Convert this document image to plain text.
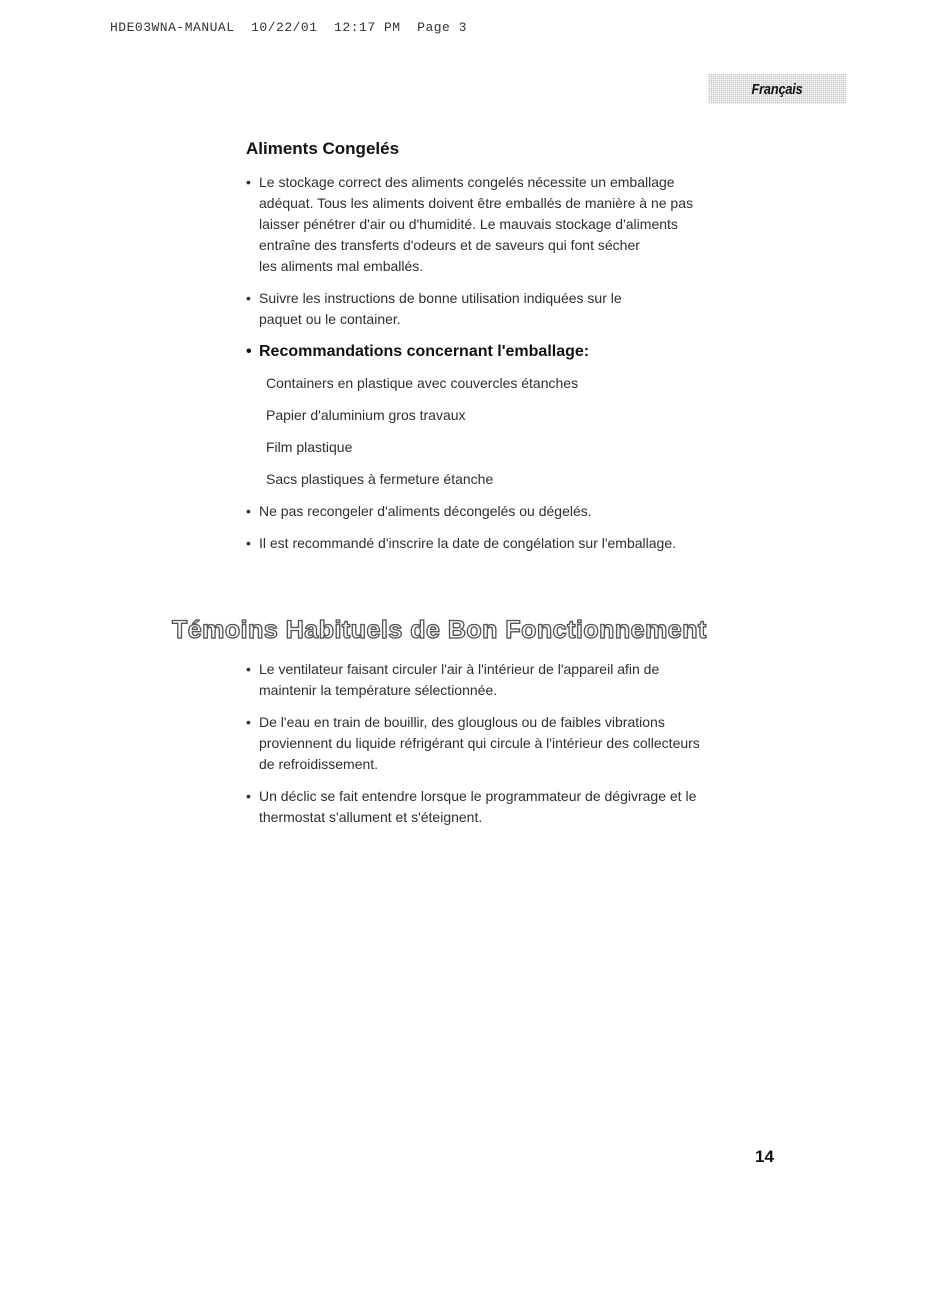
HDE03WNA-MANUAL  10/22/01  12:17 PM  Page 3
Français
Aliments Congelés
• Le stockage correct des aliments congelés nécessite un emballage
adéquat. Tous les aliments doivent être emballés de manière à ne pas
laisser pénétrer d'air ou d'humidité. Le mauvais stockage d'aliments
entraîne des transferts d'odeurs et de saveurs qui font sécher
les aliments mal emballés.
• Suivre les instructions de bonne utilisation indiquées sur le
paquet ou le container.
• Recommandations concernant l'emballage:
Containers en plastique avec couvercles étanches
Papier d'aluminium gros travaux
Film plastique
Sacs plastiques à fermeture étanche
• Ne pas recongeler d'aliments décongelés ou dégelés.
• Il est recommandé d'inscrire la date de congélation sur l'emballage.
Témoins Habituels de Bon Fonctionnement
• Le ventilateur faisant circuler l'air à l'intérieur de l'appareil afin de
maintenir la température sélectionnée.
• De l'eau en train de bouillir, des glouglous ou de faibles vibrations
proviennent du liquide réfrigérant qui circule à l'intérieur des collecteurs
de refroidissement.
• Un déclic se fait entendre lorsque le programmateur de dégivrage et le
thermostat s'allument et s'éteignent.
14
